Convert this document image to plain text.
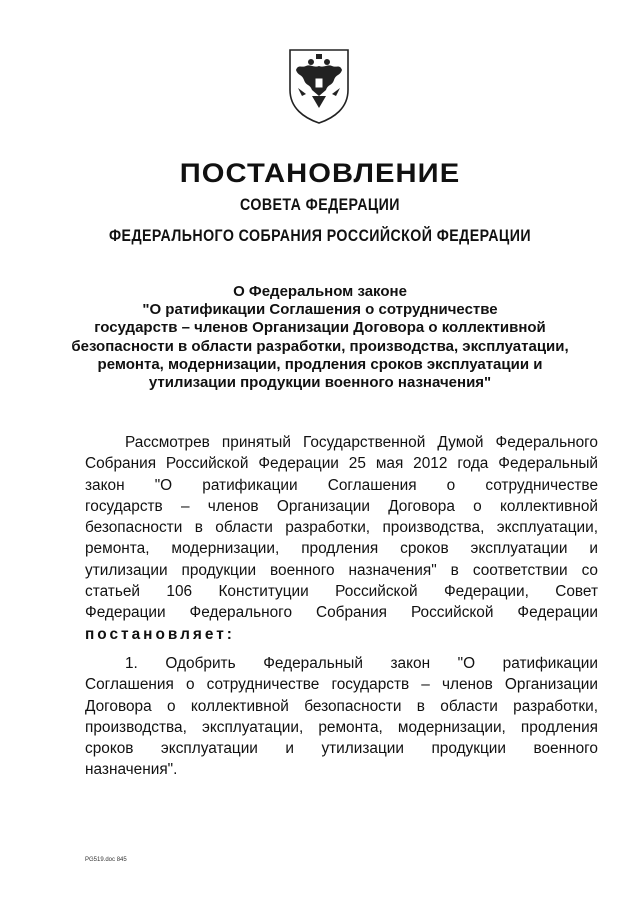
ПОСТАНОВЛЕНИЕ
СОВЕТА ФЕДЕРАЦИИ
ФЕДЕРАЛЬНОГО СОБРАНИЯ РОССИЙСКОЙ ФЕДЕРАЦИИ
О Федеральном законе
"О ратификации Соглашения о сотрудничестве
государств – членов Организации Договора о коллективной
безопасности в области разработки, производства, эксплуатации,
ремонта, модернизации, продления сроков эксплуатации и
утилизации продукции военного назначения"
Рассмотрев принятый Государственной Думой Федерального
Собрания Российской Федерации 25 мая 2012 года Федеральный
закон "О ратификации Соглашения о сотрудничестве
государств – членов Организации Договора о коллективной
безопасности в области разработки, производства, эксплуатации,
ремонта, модернизации, продления сроков эксплуатации и
утилизации продукции военного назначения" в соответствии со
статьей 106 Конституции Российской Федерации, Совет
Федерации Федерального Собрания Российской Федерации
постановляет:
1. Одобрить Федеральный закон "О ратификации
Соглашения о сотрудничестве государств – членов Организации
Договора о коллективной безопасности в области разработки,
производства, эксплуатации, ремонта, модернизации, продления
сроков эксплуатации и утилизации продукции военного
назначения".
PG519.doc 845
